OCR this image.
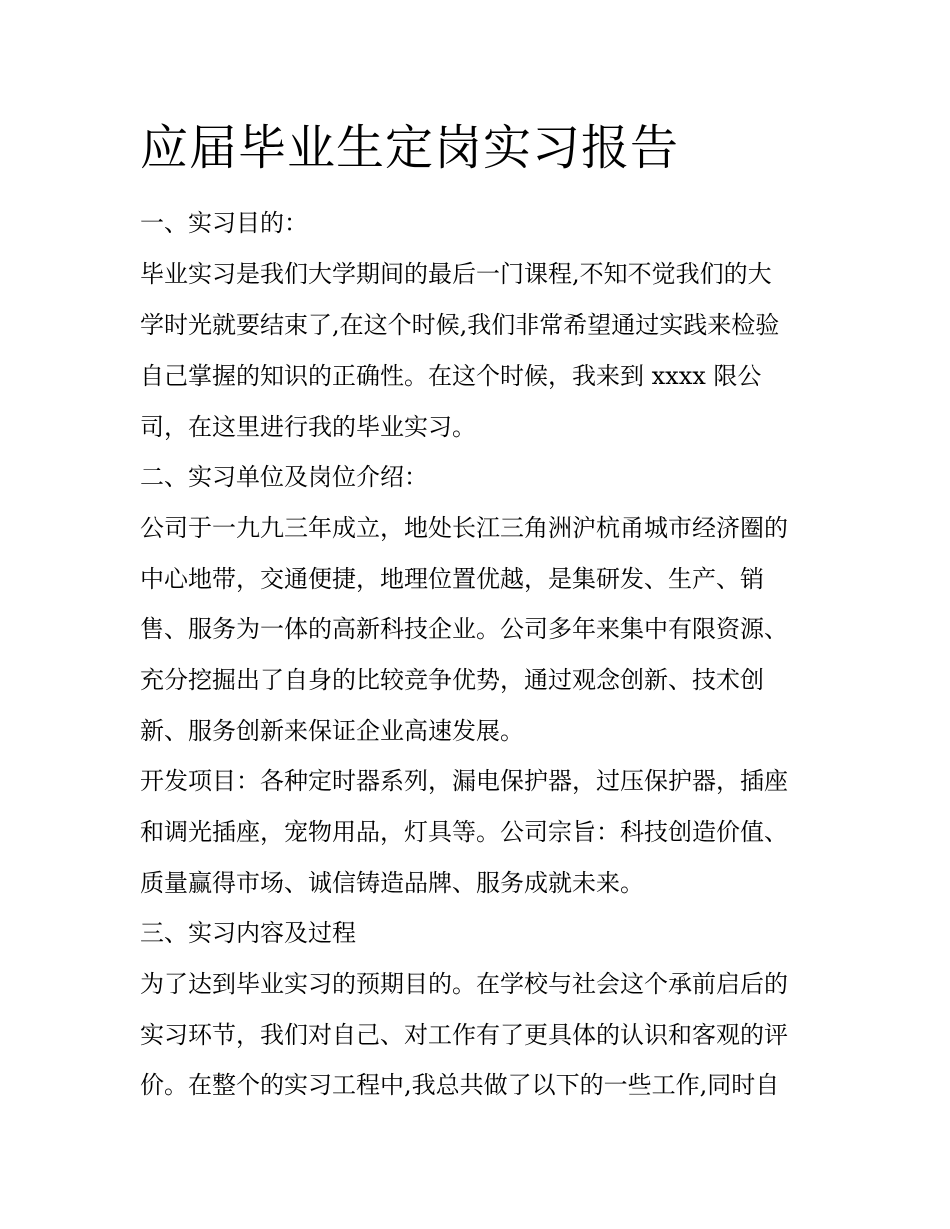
应届毕业生定岗实习报告

一、实习目的：

毕业实习是我们大学期间的最后一门课程,不知不觉我们的大

学时光就要结束了,在这个时候,我们非常希望通过实践来检验

自己掌握的知识的正确性。在这个时候，我来到 xxxx 限公

司，在这里进行我的毕业实习。

二、实习单位及岗位介绍：

公司于一九九三年成立，地处长江三角洲沪杭甬城市经济圈的

中心地带，交通便捷，地理位置优越，是集研发、生产、销

售、服务为一体的高新科技企业。公司多年来集中有限资源、

充分挖掘出了自身的比较竞争优势，通过观念创新、技术创

新、服务创新来保证企业高速发展。

开发项目：各种定时器系列，漏电保护器，过压保护器，插座

和调光插座，宠物用品，灯具等。公司宗旨：科技创造价值、

质量赢得市场、诚信铸造品牌、服务成就未来。

三、实习内容及过程

为了达到毕业实习的预期目的。在学校与社会这个承前启后的

实习环节，我们对自己、对工作有了更具体的认识和客观的评

价。在整个的实习工程中,我总共做了以下的一些工作,同时自
